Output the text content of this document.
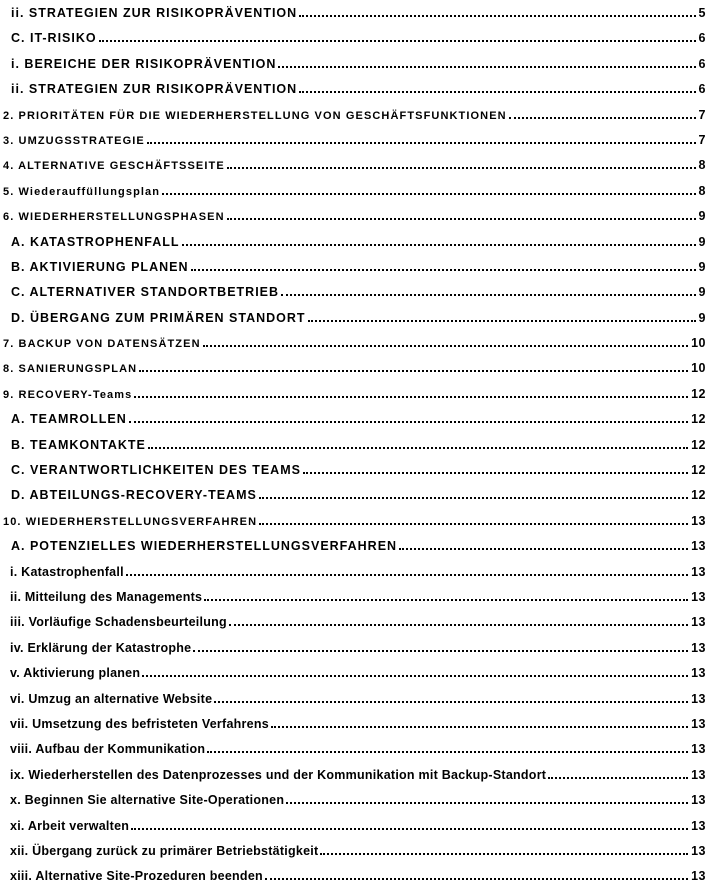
ii. STRATEGIEN ZUR RISIKOPRÄVENTION	5
C. IT-RISIKO	6
i. BEREICHE DER RISIKOPRÄVENTION	6
ii. STRATEGIEN ZUR RISIKOPRÄVENTION	6
2. PRIORITÄTEN FÜR DIE WIEDERHERSTELLUNG VON GESCHÄFTSFUNKTIONEN	7
3. UMZUGSSTRATEGIE	7
4. ALTERNATIVE GESCHÄFTSSEITE	8
5. Wiederauffüllungsplan	8
6. WIEDERHERSTELLUNGSPHASEN	9
A. KATASTROPHENFALL	9
B. AKTIVIERUNG PLANEN	9
C. ALTERNATIVER STANDORTBETRIEB	9
D. ÜBERGANG ZUM PRIMÄREN STANDORT	9
7. BACKUP VON DATENSÄTZEN	10
8. SANIERUNGSPLAN	10
9. RECOVERY-Teams	12
A. TEAMROLLEN	12
B. TEAMKONTAKTE	12
C. VERANTWORTLICHKEITEN DES TEAMS	12
D. ABTEILUNGS-RECOVERY-TEAMS	12
10. WIEDERHERSTELLUNGSVERFAHREN	13
A. POTENZIELLES WIEDERHERSTELLUNGSVERFAHREN	13
i. Katastrophenfall	13
ii. Mitteilung des Managements	13
iii. Vorläufige Schadensbeurteilung	13
iv. Erklärung der Katastrophe	13
v. Aktivierung planen	13
vi. Umzug an alternative Website	13
vii. Umsetzung des befristeten Verfahrens	13
viii. Aufbau der Kommunikation	13
ix. Wiederherstellen des Datenprozesses und der Kommunikation mit Backup-Standort	13
x. Beginnen Sie alternative Site-Operationen	13
xi. Arbeit verwalten	13
xii. Übergang zurück zu primärer Betriebstätigkeit	13
xiii. Alternative Site-Prozeduren beenden	13
